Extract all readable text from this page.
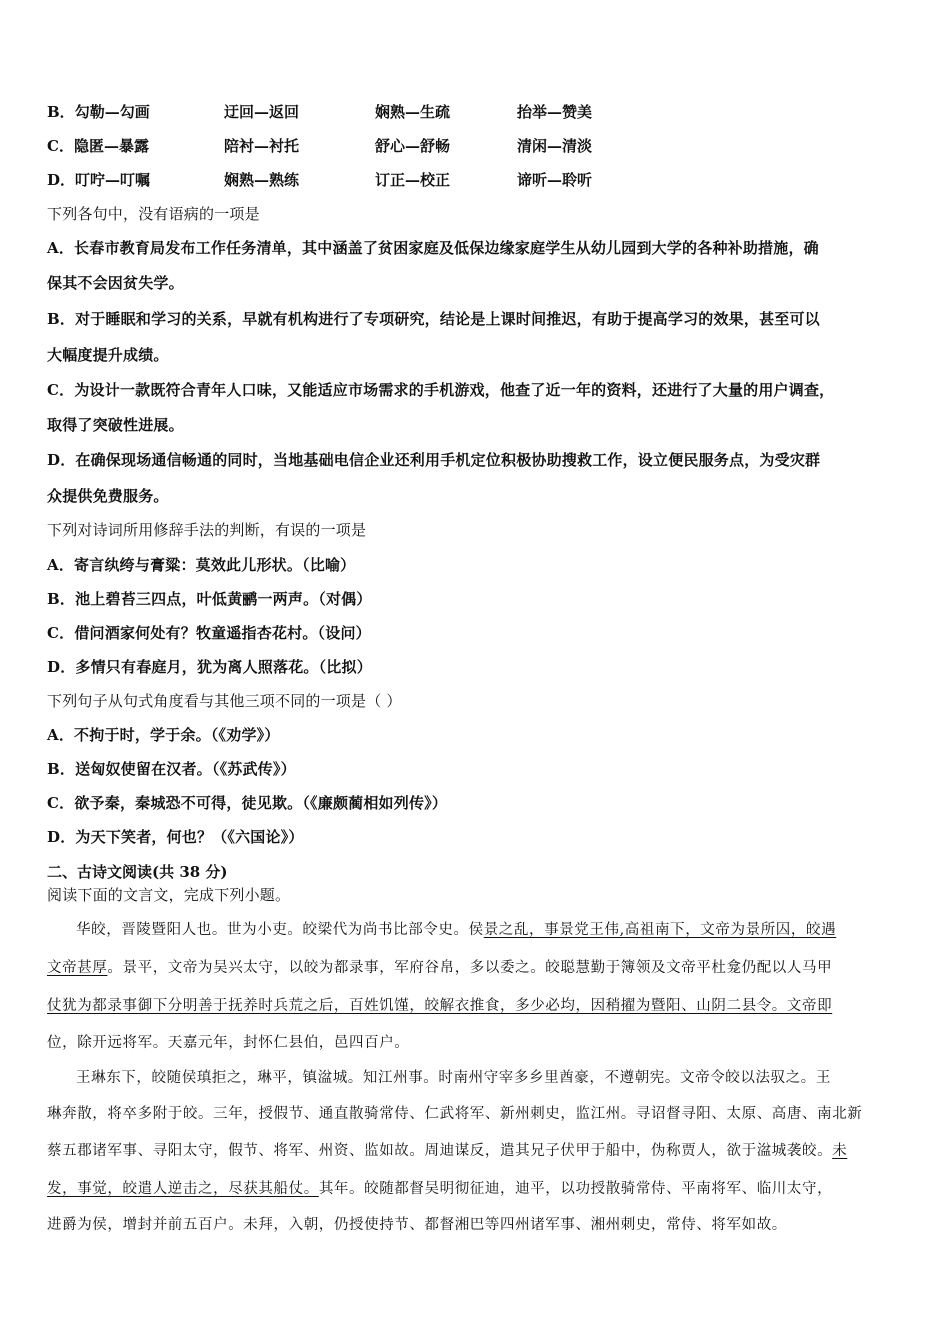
B．勾勒—勾画	迂回—返回	娴熟—生疏	抬举—赞美
C．隐匿—暴露	陪衬—衬托	舒心—舒畅	清闲—清淡
D．叮咛—叮嘱	娴熟—熟练	订正—校正	谛听—聆听
下列各句中，没有语病的一项是
A．长春市教育局发布工作任务清单，其中涵盖了贫困家庭及低保边缘家庭学生从幼儿园到大学的各种补助措施，确
保其不会因贫失学。
B．对于睡眠和学习的关系，早就有机构进行了专项研究，结论是上课时间推迟，有助于提高学习的效果，甚至可以
大幅度提升成绩。
C．为设计一款既符合青年人口味，又能适应市场需求的手机游戏，他查了近一年的资料，还进行了大量的用户调查，
取得了突破性进展。
D．在确保现场通信畅通的同时，当地基础电信企业还利用手机定位积极协助搜救工作，设立便民服务点，为受灾群
众提供免费服务。
下列对诗词所用修辞手法的判断，有误的一项是
A．寄言纨绔与膏粱：莫效此儿形状。（比喻）
B．池上碧苔三四点，叶低黄鹂一两声。（对偶）
C．借问酒家何处有？牧童遥指杏花村。（设问）
D．多情只有春庭月，犹为离人照落花。（比拟）
下列句子从句式角度看与其他三项不同的一项是（ ）
A．不拘于时，学于余。（《劝学》）
B．送匈奴使留在汉者。（《苏武传》）
C．欲予秦，秦城恐不可得，徒见欺。（《廉颇蔺相如列传》）
D．为天下笑者，何也？（《六国论》）
二、古诗文阅读(共 38 分)
阅读下面的文言文，完成下列小题。
华皎，晋陵暨阳人也。世为小吏。皎梁代为尚书比部令史。侯景之乱，事景党王伟,高祖南下，文帝为景所囚，皎遇
文帝甚厚。景平，文帝为吴兴太守，以皎为都录事，军府谷帛，多以委之。皎聪慧勤于簿领及文帝平杜龛仍配以人马甲
仗犹为都录事御下分明善于抚养时兵荒之后，百姓饥馑，皎解衣推食，多少必均，因稍擢为暨阳、山阴二县令。文帝即
位，除开远将军。天嘉元年，封怀仁县伯，邑四百户。
王琳东下，皎随侯瑱拒之，琳平，镇湓城。知江州事。时南州守宰多乡里酋豪，不遵朝宪。文帝令皎以法驭之。王
琳奔散，将卒多附于皎。三年，授假节、通直散骑常侍、仁武将军、新州刺史，监江州。寻诏督寻阳、太原、高唐、南北新
蔡五郡诸军事、寻阳太守，假节、将军、州资、监如故。周迪谋反，遣其兄子伏甲于船中，伪称贾人，欲于湓城袭皎。未
发，事觉，皎遣人逆击之，尽获其船仗。其年。皎随都督吴明彻征迪，迪平，以功授散骑常侍、平南将军、临川太守，
进爵为侯，增封并前五百户。未拜，入朝，仍授使持节、都督湘巴等四州诸军事、湘州刺史，常侍、将军如故。
